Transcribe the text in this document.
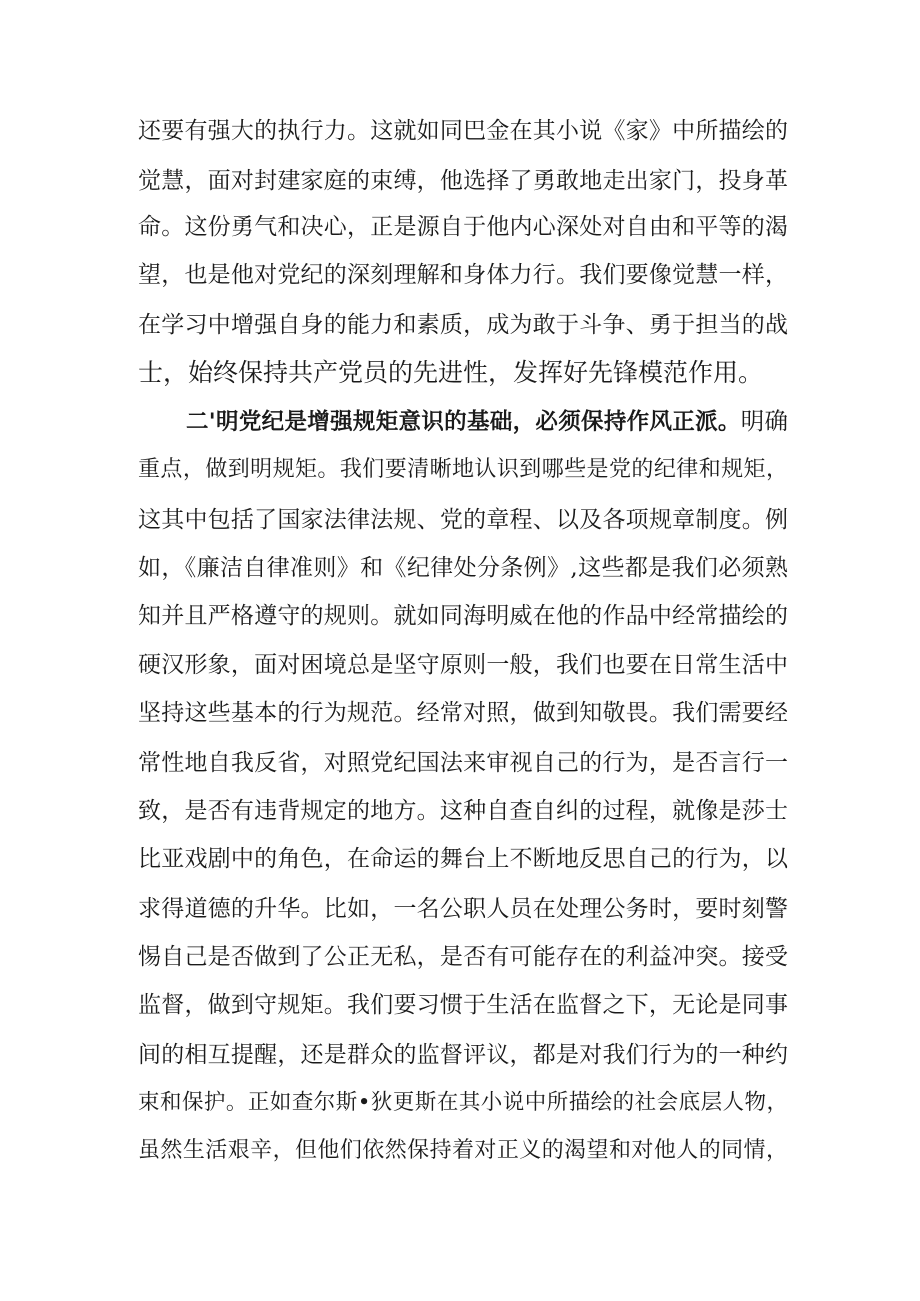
还要有强大的执行力。这就如同巴金在其小说《家》中所描绘的
觉慧，面对封建家庭的束缚，他选择了勇敢地走出家门，投身革
命。这份勇气和决心，正是源自于他内心深处对自由和平等的渴
望，也是他对党纪的深刻理解和身体力行。我们要像觉慧一样，
在学习中增强自身的能力和素质，成为敢于斗争、勇于担当的战
士，始终保持共产党员的先进性，发挥好先锋模范作用。
二'明党纪是增强规矩意识的基础，必须保持作风正派。明确
重点，做到明规矩。我们要清晰地认识到哪些是党的纪律和规矩，
这其中包括了国家法律法规、党的章程、以及各项规章制度。例
如，《廉洁自律准则》和《纪律处分条例》,这些都是我们必须熟
知并且严格遵守的规则。就如同海明威在他的作品中经常描绘的
硬汉形象，面对困境总是坚守原则一般，我们也要在日常生活中
坚持这些基本的行为规范。经常对照，做到知敬畏。我们需要经
常性地自我反省，对照党纪国法来审视自己的行为，是否言行一
致，是否有违背规定的地方。这种自查自纠的过程，就像是莎士
比亚戏剧中的角色，在命运的舞台上不断地反思自己的行为，以
求得道德的升华。比如，一名公职人员在处理公务时，要时刻警
惕自己是否做到了公正无私，是否有可能存在的利益冲突。接受
监督，做到守规矩。我们要习惯于生活在监督之下，无论是同事
间的相互提醒，还是群众的监督评议，都是对我们行为的一种约
束和保护。正如查尔斯•狄更斯在其小说中所描绘的社会底层人物，
虽然生活艰辛，但他们依然保持着对正义的渴望和对他人的同情，
